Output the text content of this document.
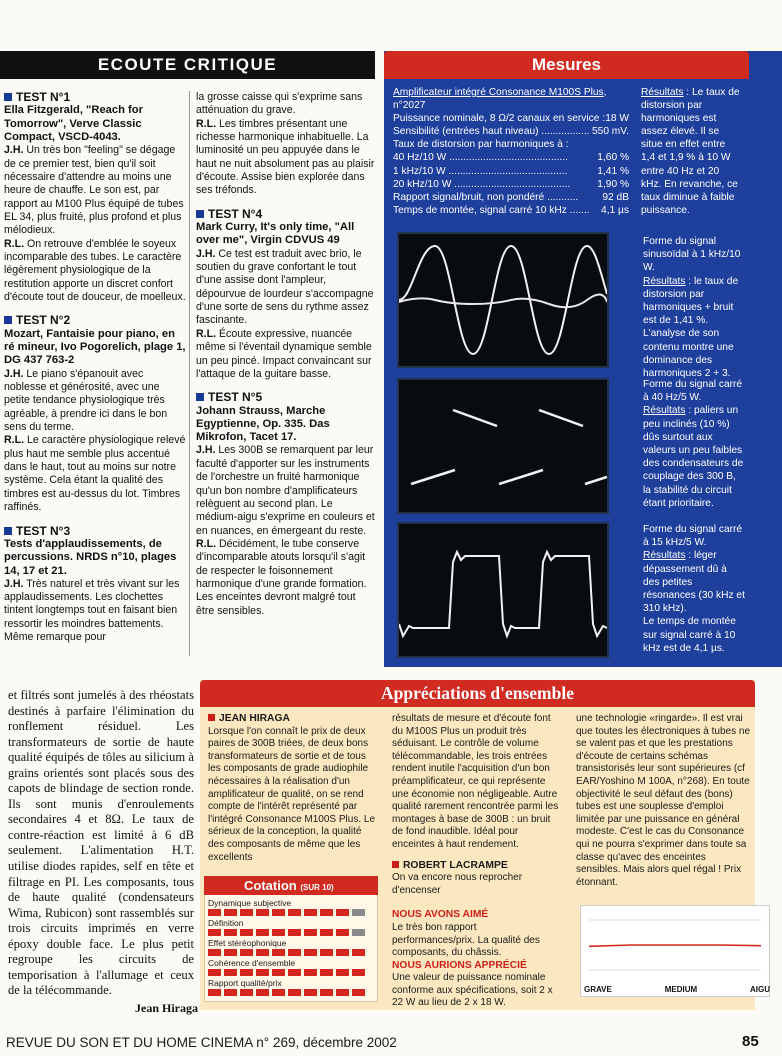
ECOUTE CRITIQUE
TEST N°1
Ella Fitzgerald, "Reach for Tomorrow", Verve Classic Compact, VSCD-4043.

J.H. Un très bon "feeling" se dégage de ce premier test, bien qu'il soit nécessaire d'attendre au moins une heure de chauffe. Le son est, par rapport au M100 Plus équipé de tubes EL 34, plus fruité, plus profond et plus mélodieux.

R.L. On retrouve d'emblée le soyeux incomparable des tubes. Le caractère légèrement physiologique de la restitution apporte un discret confort d'écoute tout de douceur, de moelleux.

TEST N°2
Mozart, Fantaisie pour piano, en ré mineur, Ivo Pogorelich, plage 1, DG 437 763-2

J.H. Le piano s'épanouit avec noblesse et générosité, avec une petite tendance physiologique très agréable, à prendre ici dans le bon sens du terme.

R.L. Le caractère physiologique relevé plus haut me semble plus accentué dans le haut, tout au moins sur notre système. Cela étant la qualité des timbres est au-dessus du lot. Timbres raffinés.

TEST N°3
Tests d'applaudissements, de percussions. NRDS n°10, plages 14, 17 et 21.

J.H. Très naturel et très vivant sur les applaudissements. Les clochettes tintent longtemps tout en faisant bien ressortir les moindres battements. Même remarque pour

la grosse caisse qui s'exprime sans atténuation du grave.

R.L. Les timbres présentant une richesse harmonique inhabituelle. La luminosité un peu appuyée dans le haut ne nuit absolument pas au plaisir d'écoute. Assise bien explorée dans ses tréfonds.

TEST N°4
Mark Curry, It's only time, "All over me", Virgin CDVUS 49

J.H. Ce test est traduit avec brio, le soutien du grave confortant le tout d'une assise dont l'ampleur, dépourvue de lourdeur s'accompagne d'une sorte de sens du rythme assez fascinante.

R.L. Écoute expressive, nuancée même si l'éventail dynamique semble un peu pincé. Impact convaincant sur l'attaque de la guitare basse.

TEST N°5
Johann Strauss, Marche Egyptienne, Op. 335. Das Mikrofon, Tacet 17.

J.H. Les 300B se remarquent par leur faculté d'apporter sur les instruments de l'orchestre un fruité harmonique qu'un bon nombre d'amplificateurs relèguent au second plan. Le médium-aigu s'exprime en couleurs et en nuances, en émergeant du reste.

R.L. Décidément, le tube conserve d'incomparable atouts lorsqu'il s'agit de respecter le foisonnement harmonique d'une grande formation. Les enceintes devront malgré tout être sensibles.

Mesures
Amplificateur intégré Consonance M100S Plus, n°2027
Puissance nominale, 8 Ω/2 canaux en service : 18 W
Sensibilité (entrées haut niveau) ................. 550 mV.
Taux de distorsion par harmoniques à :
40 Hz/10 W ..........................................	1,60 %
1 kHz/10 W ..........................................	1,41 %
20 kHz/10 W .........................................	1,90 %
Rapport signal/bruit, non pondéré ........... 92 dB
Temps de montée, signal carré 10 kHz ....... 4,1 µs
Résultats : Le taux de distorsion par harmoniques est assez élevé. Il se situe en effet entre 1,4 et 1,9 % à 10 W entre 40 Hz et 20 kHz. En revanche, ce taux diminue à faible puissance.
Forme du signal sinusoïdal à 1 kHz/10 W.
Résultats : le taux de distorsion par harmoniques + bruit est de 1,41 %. L'analyse de son contenu montre une dominance des harmoniques 2 + 3.
Forme du signal carré à 40 Hz/5 W.
Résultats : paliers un peu inclinés (10 %) dûs surtout aux valeurs un peu faibles des condensateurs de couplage des 300 B, la stabilité du circuit étant prioritaire.
Forme du signal carré à 15 kHz/5 W.
Résultats : léger dépassement dû à des petites résonances (30 kHz et 310 kHz).
Le temps de montée sur signal carré à 10 kHz est de 4,1 µs.
et filtrés sont jumelés à des rhéostats destinés à parfaire l'élimination du ronflement résiduel. Les transformateurs de sortie de haute qualité équipés de tôles au silicium à grains orientés sont placés sous des capots de blindage de section ronde. Ils sont munis d'enroulements secondaires 4 et 8Ω. Le taux de contre-réaction est limité à 6 dB seulement. L'alimentation H.T. utilise diodes rapides, self en tête et filtrage en PI. Les composants, tous de haute qualité (condensateurs Wima, Rubicon) sont rassemblés sur trois circuits imprimés en verre époxy double face. Le plus petit regroupe les circuits de temporisation à l'allumage et ceux de la télécommande.
Jean Hiraga
Appréciations d'ensemble
JEAN HIRAGA

Lorsque l'on connaît le prix de deux paires de 300B triées, de deux bons transformateurs de sortie et de tous les composants de grade audiophile nécessaires à la réalisation d'un amplificateur de qualité, on se rend compte de l'intérêt représenté par l'intégré Consonance M100S Plus. Le sérieux de la conception, la qualité des composants de même que les excellents

résultats de mesure et d'écoute font du M100S Plus un produit très séduisant. Le contrôle de volume télécommandable, les trois entrées rendent inutile l'acquisition d'un bon préamplificateur, ce qui représente une économie non négligeable. Autre qualité rarement rencontrée parmi les montages à base de 300B : un bruit de fond inaudible. Idéal pour enceintes à haut rendement.

ROBERT LACRAMPE

On va encore nous reprocher d'encenser

NOUS AVONS AIMÉ

Le très bon rapport performances/prix. La qualité des composants, du châssis.

NOUS AURIONS APPRÉCIÉ

Une valeur de puissance nominale conforme aux spécifications, soit 2 x 22 W au lieu de 2 x 18 W.

une technologie «ringarde». Il est vrai que toutes les électroniques à tubes ne se valent pas et que les prestations d'écoute de certains schémas transistorisés leur sont supérieures (cf EAR/Yoshino M 100A, n°268). En toute objectivité le seul défaut des (bons) tubes est une souplesse d'emploi limitée par une puissance en général modeste. C'est le cas du Consonance qui ne pourra s'exprimer dans toute sa classe qu'avec des enceintes sensibles. Mais alors quel régal ! Prix étonnant.

Cotation (SUR 10)
Dynamique subjective
Définition
Effet stéréophonique
Cohérence d'ensemble
Rapport qualité/prix
GRAVE	MEDIUM	AIGU
REVUE DU SON ET DU HOME CINEMA n° 269, décembre 2002	85
